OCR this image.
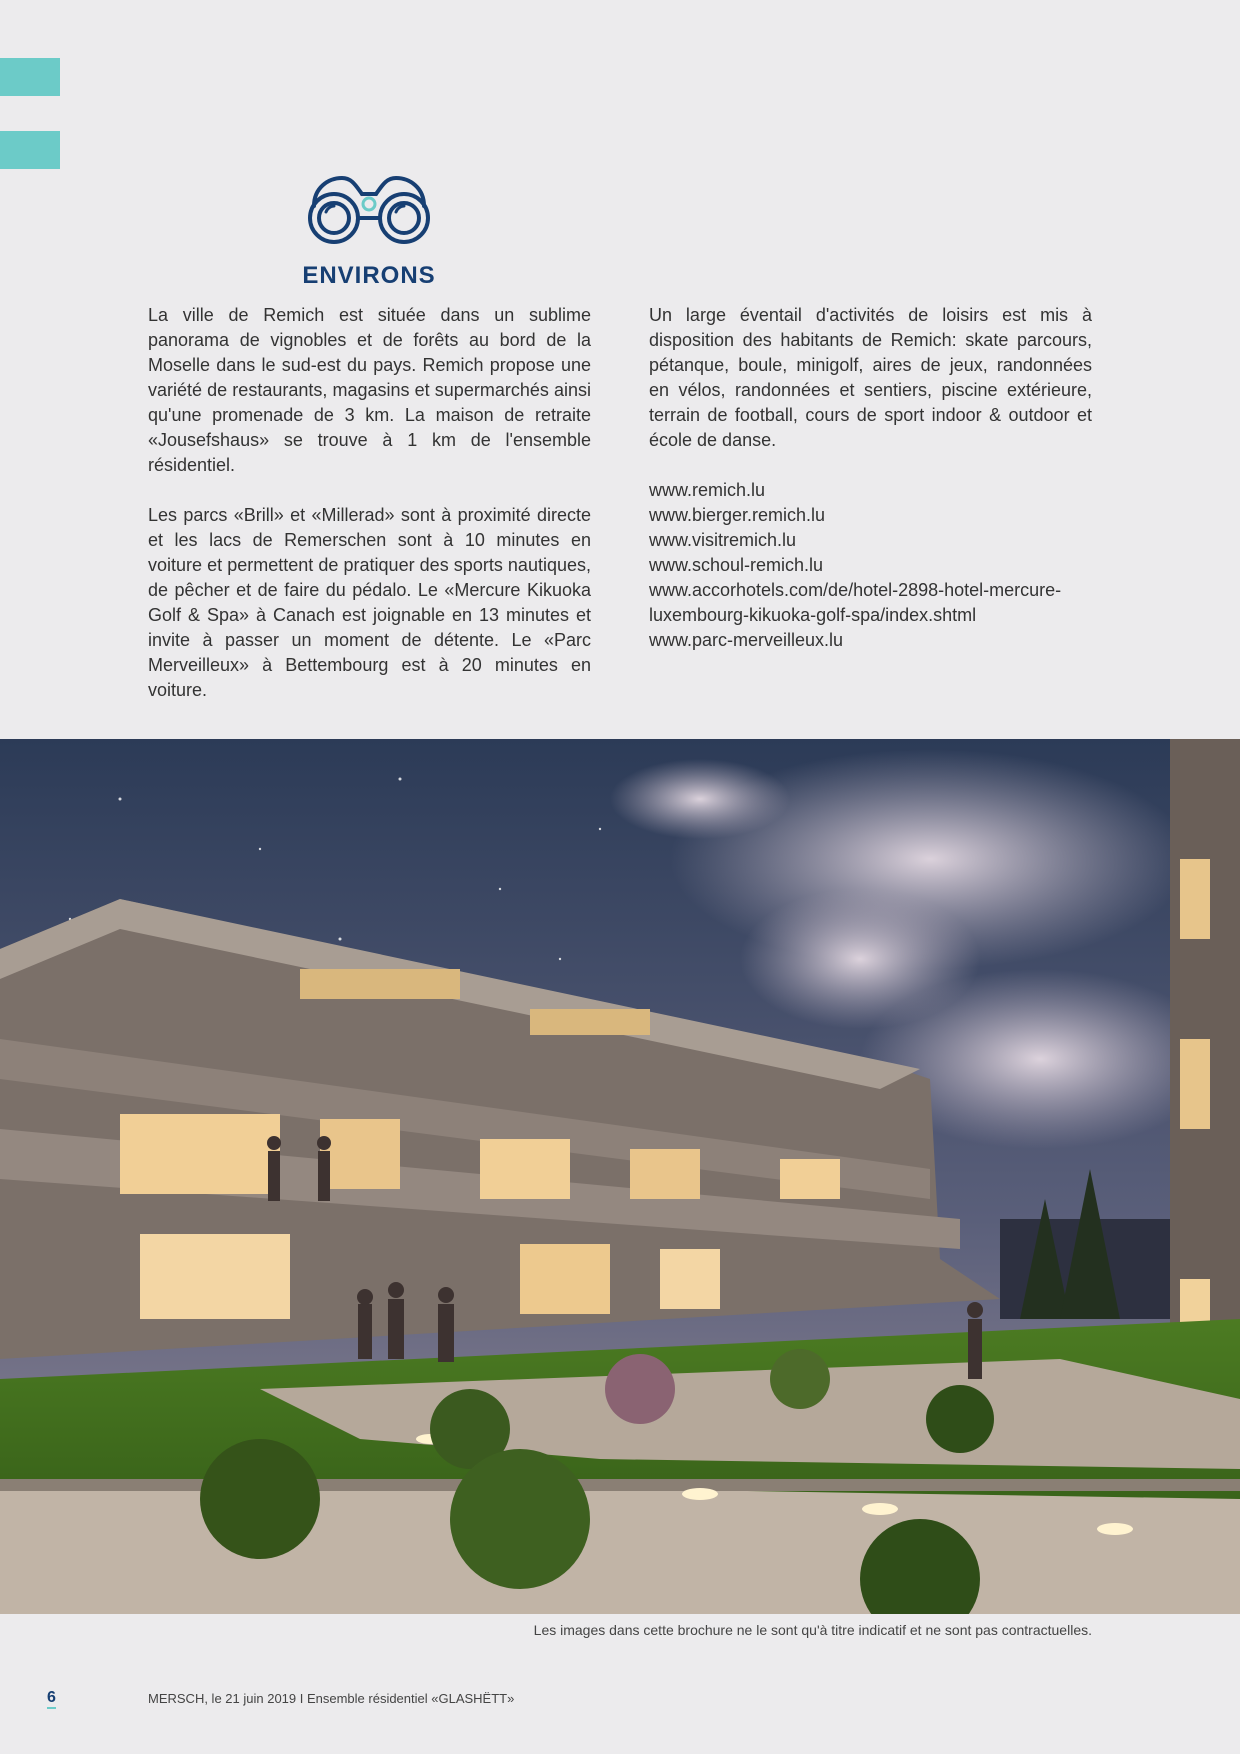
ENVIRONS

La ville de Remich est située dans un sublime panorama de vignobles et de forêts au bord de la Moselle dans le sud-est du pays. Remich propose une variété de restaurants, magasins et supermarchés ainsi qu'une promenade de 3 km. La maison de retraite «Jousefshaus» se trouve à 1 km de l'ensemble résidentiel.

Les parcs «Brill» et «Millerad» sont à proximité directe et les lacs de Remerschen sont à 10 minutes en voiture et permettent de pratiquer des sports nautiques, de pêcher et de faire du pédalo. Le «Mercure Kikuoka Golf & Spa» à Canach est joignable en 13 minutes et invite à passer un moment de détente. Le «Parc Merveilleux» à Bettembourg est à 20 minutes en voiture.

Un large éventail d'activités de loisirs est mis à disposition des habitants de Remich: skate parcours, pétanque, boule, minigolf, aires de jeux, randonnées en vélos, randonnées et sentiers, piscine extérieure, terrain de football, cours de sport indoor & outdoor et école de danse.

www.remich.lu
www.bierger.remich.lu
www.visitremich.lu
www.schoul-remich.lu
www.accorhotels.com/de/hotel-2898-hotel-mercure-luxembourg-kikuoka-golf-spa/index.shtml
www.parc-merveilleux.lu
Les images dans cette brochure ne le sont qu'à titre indicatif et ne sont pas contractuelles.
6	MERSCH, le 21 juin 2019 I Ensemble résidentiel «GLASHËTT»
